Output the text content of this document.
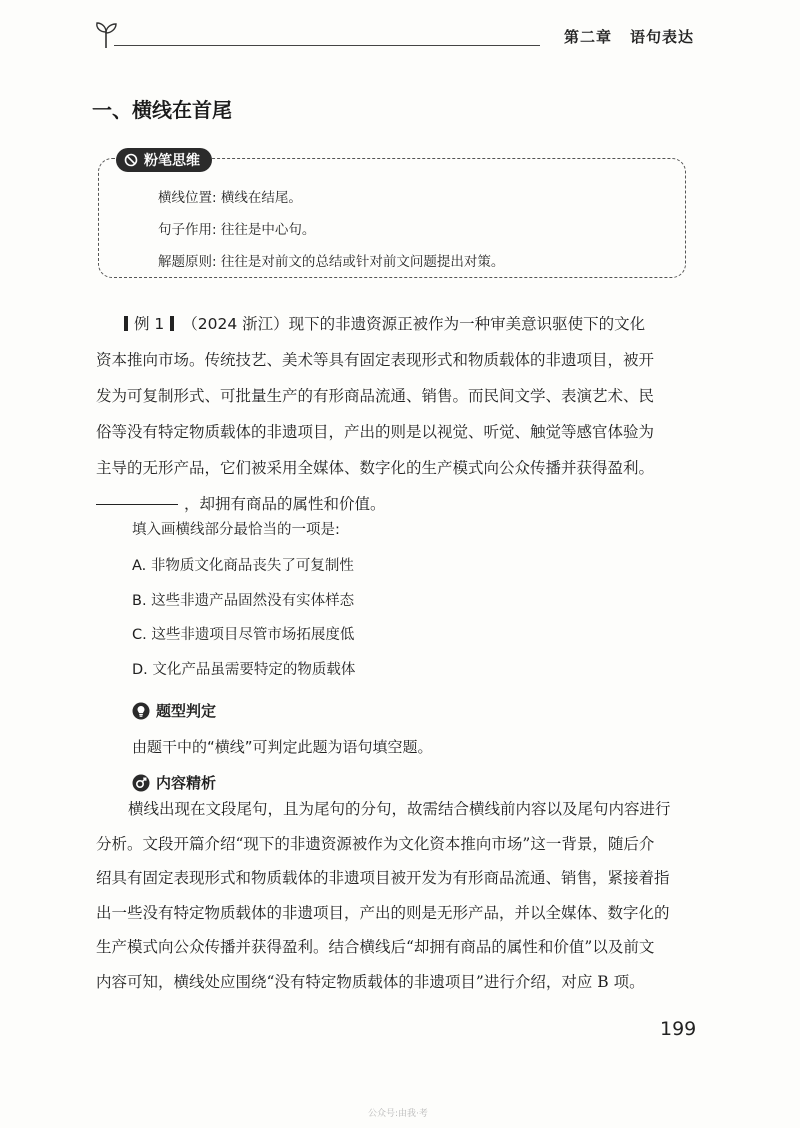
第二章 语句表达
一、横线在首尾
粉笔思维
横线位置: 横线在结尾。
句子作用: 往往是中心句。
解题原则: 往往是对前文的总结或针对前文问题提出对策。
例 1 （2024 浙江）现下的非遗资源正被作为一种审美意识驱使下的文化
资本推向市场。传统技艺、美术等具有固定表现形式和物质载体的非遗项目，被开
发为可复制形式、可批量生产的有形商品流通、销售。而民间文学、表演艺术、民
俗等没有特定物质载体的非遗项目，产出的则是以视觉、听觉、触觉等感官体验为
主导的无形产品，它们被采用全媒体、数字化的生产模式向公众传播并获得盈利。
，却拥有商品的属性和价值。
填入画横线部分最恰当的一项是:
A. 非物质文化商品丧失了可复制性
B. 这些非遗产品固然没有实体样态
C. 这些非遗项目尽管市场拓展度低
D. 文化产品虽需要特定的物质载体
题型判定
由题干中的“横线”可判定此题为语句填空题。
内容精析
横线出现在文段尾句，且为尾句的分句，故需结合横线前内容以及尾句内容进行
分析。文段开篇介绍“现下的非遗资源被作为文化资本推向市场”这一背景，随后介
绍具有固定表现形式和物质载体的非遗项目被开发为有形商品流通、销售，紧接着指
出一些没有特定物质载体的非遗项目，产出的则是无形产品，并以全媒体、数字化的
生产模式向公众传播并获得盈利。结合横线后“却拥有商品的属性和价值”以及前文
内容可知，横线处应围绕“没有特定物质载体的非遗项目”进行介绍，对应 B 项。
199
公众号:由我·考
